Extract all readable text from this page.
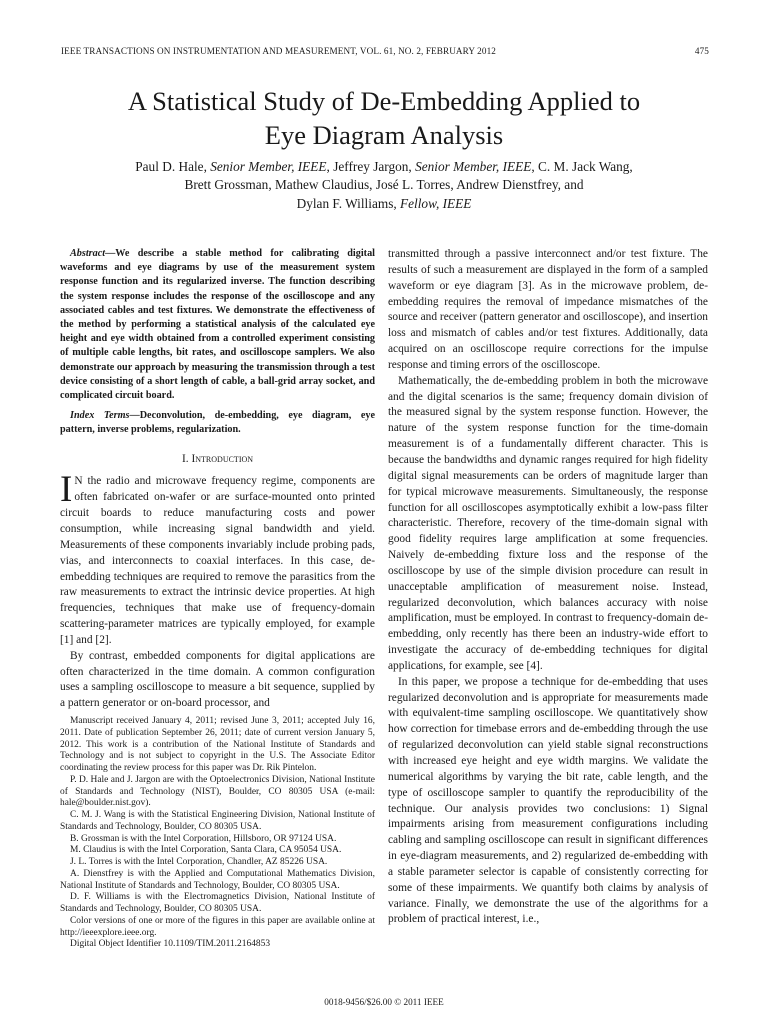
IEEE TRANSACTIONS ON INSTRUMENTATION AND MEASUREMENT, VOL. 61, NO. 2, FEBRUARY 2012	475
A Statistical Study of De-Embedding Applied to
Eye Diagram Analysis
Paul D. Hale, Senior Member, IEEE, Jeffrey Jargon, Senior Member, IEEE, C. M. Jack Wang,
Brett Grossman, Mathew Claudius, José L. Torres, Andrew Dienstfrey, and
Dylan F. Williams, Fellow, IEEE

Abstract—We describe a stable method for calibrating digital waveforms and eye diagrams by use of the measurement system response function and its regularized inverse. The function describing the system response includes the response of the oscilloscope and any associated cables and test fixtures. We demonstrate the effectiveness of the method by performing a statistical analysis of the calculated eye height and eye width obtained from a controlled experiment consisting of multiple cable lengths, bit rates, and oscilloscope samplers. We also demonstrate our approach by measuring the transmission through a test device consisting of a short length of cable, a ball-grid array socket, and complicated circuit board.

Index Terms—Deconvolution, de-embedding, eye diagram, eye pattern, inverse problems, regularization.

I. Introduction

I N the radio and microwave frequency regime, components are often fabricated on-wafer or are surface-mounted onto printed circuit boards to reduce manufacturing costs and power consumption, while increasing signal bandwidth and yield. Measurements of these components invariably include probing pads, vias, and interconnects to coaxial interfaces. In this case, de-embedding techniques are required to remove the parasitics from the raw measurements to extract the intrinsic device properties. At high frequencies, techniques that make use of frequency-domain scattering-parameter matrices are typically employed, for example [1] and [2].

By contrast, embedded components for digital applications are often characterized in the time domain. A common configuration uses a sampling oscilloscope to measure a bit sequence, supplied by a pattern generator or on-board processor, and

Manuscript received January 4, 2011; revised June 3, 2011; accepted July 16, 2011. Date of publication September 26, 2011; date of current version January 5, 2012. This work is a contribution of the National Institute of Standards and Technology and is not subject to copyright in the U.S. The Associate Editor coordinating the review process for this paper was Dr. Rik Pintelon.

P. D. Hale and J. Jargon are with the Optoelectronics Division, National Institute of Standards and Technology (NIST), Boulder, CO 80305 USA (e-mail: hale@boulder.nist.gov).

C. M. J. Wang is with the Statistical Engineering Division, National Institute of Standards and Technology, Boulder, CO 80305 USA.

B. Grossman is with the Intel Corporation, Hillsboro, OR 97124 USA.

M. Claudius is with the Intel Corporation, Santa Clara, CA 95054 USA.

J. L. Torres is with the Intel Corporation, Chandler, AZ 85226 USA.

A. Dienstfrey is with the Applied and Computational Mathematics Division, National Institute of Standards and Technology, Boulder, CO 80305 USA.

D. F. Williams is with the Electromagnetics Division, National Institute of Standards and Technology, Boulder, CO 80305 USA.

Color versions of one or more of the figures in this paper are available online at http://ieeexplore.ieee.org.

Digital Object Identifier 10.1109/TIM.2011.2164853

transmitted through a passive interconnect and/or test fixture. The results of such a measurement are displayed in the form of a sampled waveform or eye diagram [3]. As in the microwave problem, de-embedding requires the removal of impedance mismatches of the source and receiver (pattern generator and oscilloscope), and insertion loss and mismatch of cables and/or test fixtures. Additionally, data acquired on an oscilloscope require corrections for the impulse response and timing errors of the oscilloscope.

Mathematically, the de-embedding problem in both the microwave and the digital scenarios is the same; frequency domain division of the measured signal by the system response function. However, the nature of the system response function for the time-domain measurement is of a fundamentally different character. This is because the bandwidths and dynamic ranges required for high fidelity digital signal measurements can be orders of magnitude larger than for typical microwave measurements. Simultaneously, the response function for all oscilloscopes asymptotically exhibit a low-pass filter characteristic. Therefore, recovery of the time-domain signal with good fidelity requires large amplification at some frequencies. Naively de-embedding fixture loss and the response of the oscilloscope by use of the simple division procedure can result in unacceptable amplification of measurement noise. Instead, regularized deconvolution, which balances accuracy with noise amplification, must be employed. In contrast to frequency-domain de-embedding, only recently has there been an industry-wide effort to investigate the accuracy of de-embedding techniques for digital applications, for example, see [4].

In this paper, we propose a technique for de-embedding that uses regularized deconvolution and is appropriate for measurements made with equivalent-time sampling oscilloscope. We quantitatively show how correction for timebase errors and de-embedding through the use of regularized deconvolution can yield stable signal reconstructions with increased eye height and eye width margins. We validate the numerical algorithms by varying the bit rate, cable length, and the type of oscilloscope sampler to quantify the reproducibility of the technique. Our analysis provides two conclusions: 1) Signal impairments arising from measurement configurations including cabling and sampling oscilloscope can result in significant differences in eye-diagram measurements, and 2) regularized de-embedding with a stable parameter selector is capable of consistently correcting for some of these impairments. We quantify both claims by analysis of variance. Finally, we demonstrate the use of the algorithms for a problem of practical interest, i.e.,

0018-9456/$26.00 © 2011 IEEE
